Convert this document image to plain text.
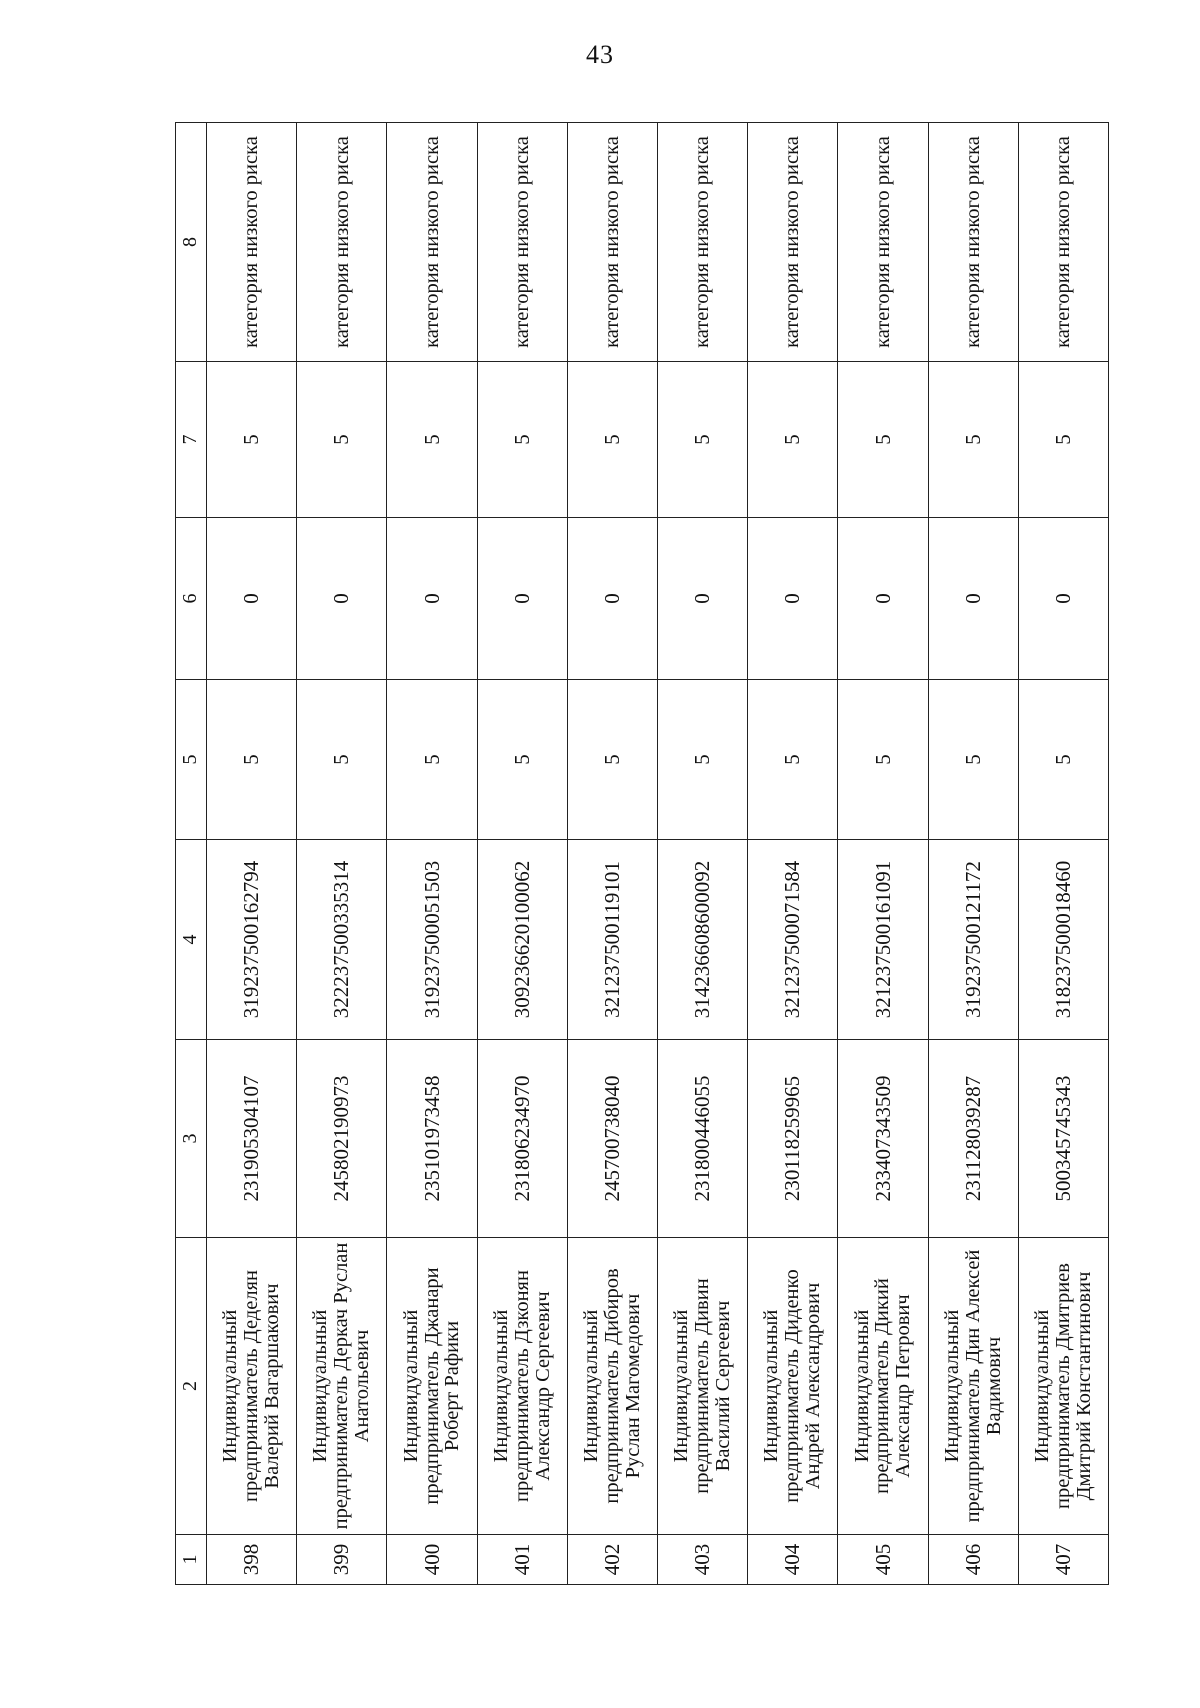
43
1	2	3	4	5	6	7	8
398	Индивидуальный предприниматель Деделян Валерий Вагаршакович	231905304107	319237500162794	5	0	5	категория низкого риска
399	Индивидуальный предприниматель Деркач Руслан Анатольевич	245802190973	322237500335314	5	0	5	категория низкого риска
400	Индивидуальный предприниматель Джанари Роберт Рафики	235101973458	319237500051503	5	0	5	категория низкого риска
401	Индивидуальный предприниматель Дзконян Александр Сергеевич	231806234970	309236620100062	5	0	5	категория низкого риска
402	Индивидуальный предприниматель Дибиров Руслан Магомедович	245700738040	321237500119101	5	0	5	категория низкого риска
403	Индивидуальный предприниматель Дивин Василий Сергеевич	231800446055	314236608600092	5	0	5	категория низкого риска
404	Индивидуальный предприниматель Диденко Андрей Александрович	230118259965	321237500071584	5	0	5	категория низкого риска
405	Индивидуальный предприниматель Дикий Александр Петрович	233407343509	321237500161091	5	0	5	категория низкого риска
406	Индивидуальный предприниматель Дин Алексей Вадимович	231128039287	319237500121172	5	0	5	категория низкого риска
407	Индивидуальный предприниматель Дмитриев Дмитрий Константинович	500345745343	318237500018460	5	0	5	категория низкого риска
